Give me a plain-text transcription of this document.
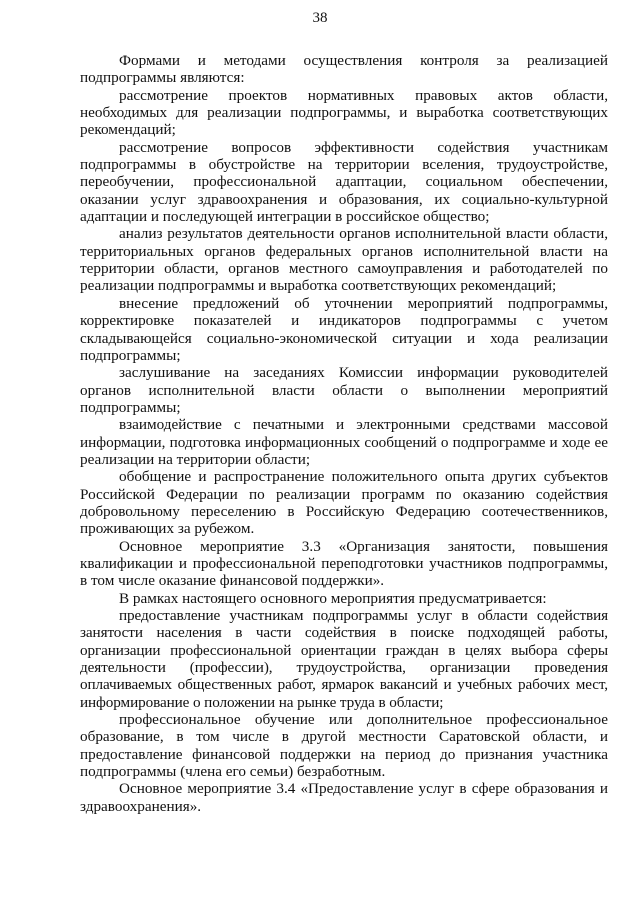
38

Формами и методами осуществления контроля за реализацией подпрограммы являются:

рассмотрение проектов нормативных правовых актов области, необходимых для реализации подпрограммы, и выработка соответствующих рекомендаций;

рассмотрение вопросов эффективности содействия участникам подпрограммы в обустройстве на территории вселения, трудоустройстве, переобучении, профессиональной адаптации, социальном обеспечении, оказании услуг здравоохранения и образования, их социально-культурной адаптации и последующей интеграции в российское общество;

анализ результатов деятельности органов исполнительной власти области, территориальных органов федеральных органов исполнительной власти на территории области, органов местного самоуправления и работодателей по реализации подпрограммы и выработка соответствующих рекомендаций;

внесение предложений об уточнении мероприятий подпрограммы, корректировке показателей и индикаторов подпрограммы с учетом складывающейся социально-экономической ситуации и хода реализации подпрограммы;

заслушивание на заседаниях Комиссии информации руководителей органов исполнительной власти области о выполнении мероприятий подпрограммы;

взаимодействие с печатными и электронными средствами массовой информации, подготовка информационных сообщений о подпрограмме и ходе ее реализации на территории области;

обобщение и распространение положительного опыта других субъектов Российской Федерации по реализации программ по оказанию содействия добровольному переселению в Российскую Федерацию соотечественников, проживающих за рубежом.

Основное мероприятие 3.3 «Организация занятости, повышения квалификации и профессиональной переподготовки участников подпрограммы, в том числе оказание финансовой поддержки».

В рамках настоящего основного мероприятия предусматривается:

предоставление участникам подпрограммы услуг в области содействия занятости населения в части содействия в поиске подходящей работы, организации профессиональной ориентации граждан в целях выбора сферы деятельности (профессии), трудоустройства, организации проведения оплачиваемых общественных работ, ярмарок вакансий и учебных рабочих мест, информирование о положении на рынке труда в области;

профессиональное обучение или дополнительное профессиональное образование, в том числе в другой местности Саратовской области, и предоставление финансовой поддержки на период до признания участника подпрограммы (члена его семьи) безработным.

Основное мероприятие 3.4 «Предоставление услуг в сфере образования и здравоохранения».
